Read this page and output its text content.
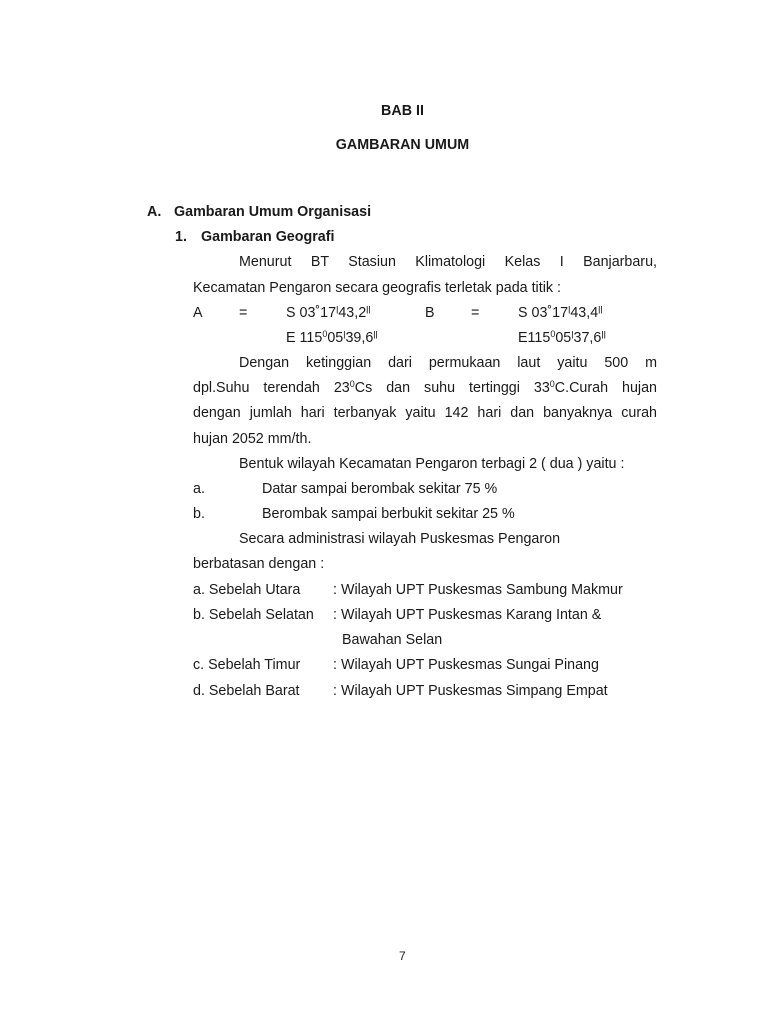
BAB II
GAMBARAN UMUM
A. Gambaran Umum Organisasi
1. Gambaran Geografi
Menurut BT Stasiun Klimatologi Kelas I Banjarbaru,
Kecamatan Pengaron secara geografis terletak pada titik :
A	=	S 03˚17ˡ43,2ˡˡ	B	=	S 03˚17ˡ43,4ˡˡ
E $115^005ˡ39,6ˡˡ$	$E115^005ˡ37,6ˡˡ$
Dengan ketinggian dari permukaan laut yaitu 500 m
dpl.Suhu terendah $23^0Cs$ dan suhu tertinggi $33^0C.Curah$ hujan
dengan jumlah hari terbanyak yaitu 142 hari dan banyaknya curah
hujan 2052 mm/th.
Bentuk wilayah Kecamatan Pengaron terbagi 2 ( dua ) yaitu :
a.	Datar sampai berombak sekitar 75 %
b.	Berombak sampai berbukit sekitar 25 %
Secara administrasi wilayah Puskesmas Pengaron
berbatasan dengan :
a. Sebelah Utara : Wilayah UPT Puskesmas Sambung Makmur
b. Sebelah Selatan : Wilayah UPT Puskesmas Karang Intan &
Bawahan Selan
c. Sebelah Timur : Wilayah UPT Puskesmas Sungai Pinang
d. Sebelah Barat : Wilayah UPT Puskesmas Simpang Empat
7
